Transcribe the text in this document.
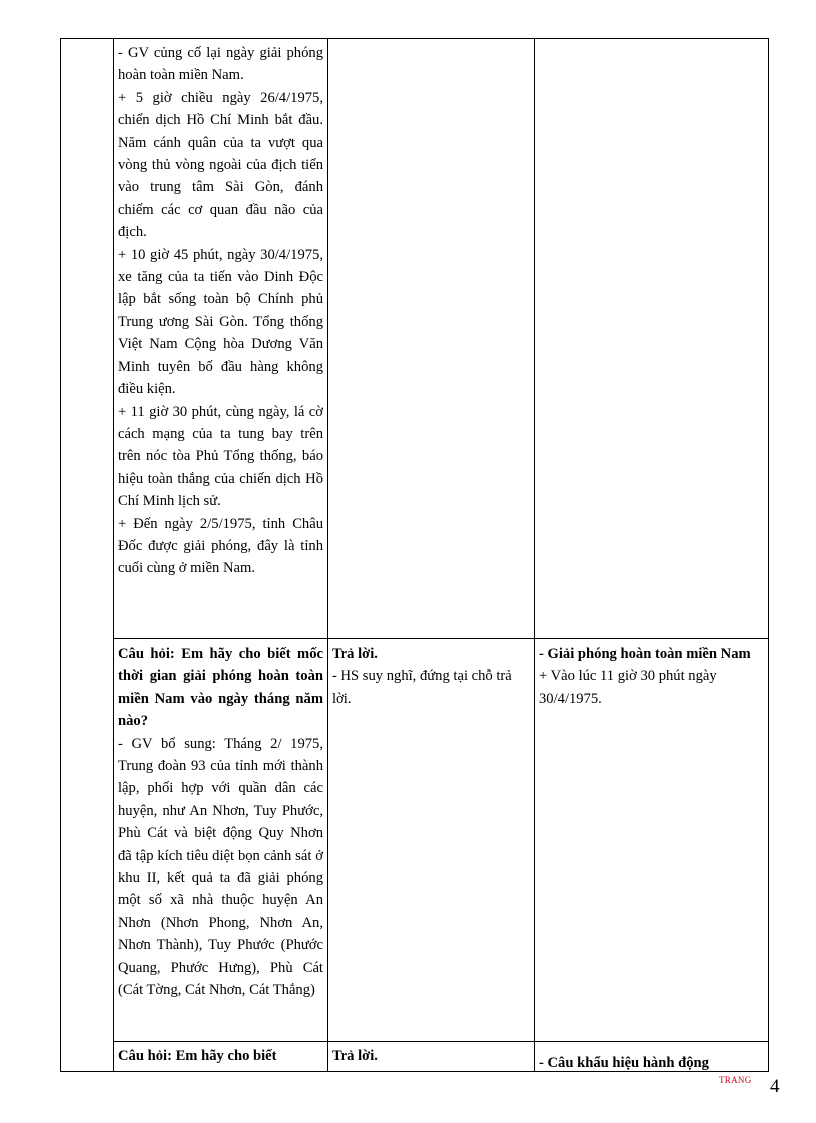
- GV củng cố lại ngày giải phóng hoàn toàn miền Nam.

+ 5 giờ chiều ngày 26/4/1975, chiến dịch Hồ Chí Minh bắt đầu. Năm cánh quân của ta vượt qua vòng thủ vòng ngoài của địch tiến vào trung tâm Sài Gòn, đánh chiếm các cơ quan đầu não của địch.

+ 10 giờ 45 phút, ngày 30/4/1975, xe tăng của ta tiến vào Dinh Độc lập bắt sống toàn bộ Chính phủ Trung ương Sài Gòn. Tổng thống Việt Nam Cộng hòa Dương Văn Minh tuyên bố đầu hàng không điều kiện.

+ 11 giờ 30 phút, cùng ngày, lá cờ cách mạng của ta tung bay trên trên nóc tòa Phủ Tổng thống, báo hiệu toàn thắng của chiến dịch Hồ Chí Minh lịch sử.

+ Đến ngày 2/5/1975, tỉnh Châu Đốc được giải phóng, đây là tỉnh cuối cùng ở miền Nam.

Câu hỏi: Em hãy cho biết mốc thời gian giải phóng hoàn toàn miền Nam vào ngày tháng năm nào?

- GV bổ sung: Tháng 2/ 1975, Trung đoàn 93 của tỉnh mới thành lập, phối hợp với quần dân các huyện, như An Nhơn, Tuy Phước, Phù Cát và biệt động Quy Nhơn đã tập kích tiêu diệt bọn cảnh sát ở khu II, kết quả ta đã giải phóng một số xã nhà thuộc huyện An Nhơn (Nhơn Phong, Nhơn An, Nhơn Thành), Tuy Phước (Phước Quang, Phước Hưng), Phù Cát (Cát Tờng, Cát Nhơn, Cát Thắng)

Trả lời.

- HS suy nghĩ, đứng tại chỗ trả lời.

- Giải phóng hoàn toàn miền Nam

+ Vào lúc 11 giờ 30 phút ngày 30/4/1975.

Câu hỏi: Em hãy cho biết	Trả lời.	- Câu khẩu hiệu hành động

TRANG 4
